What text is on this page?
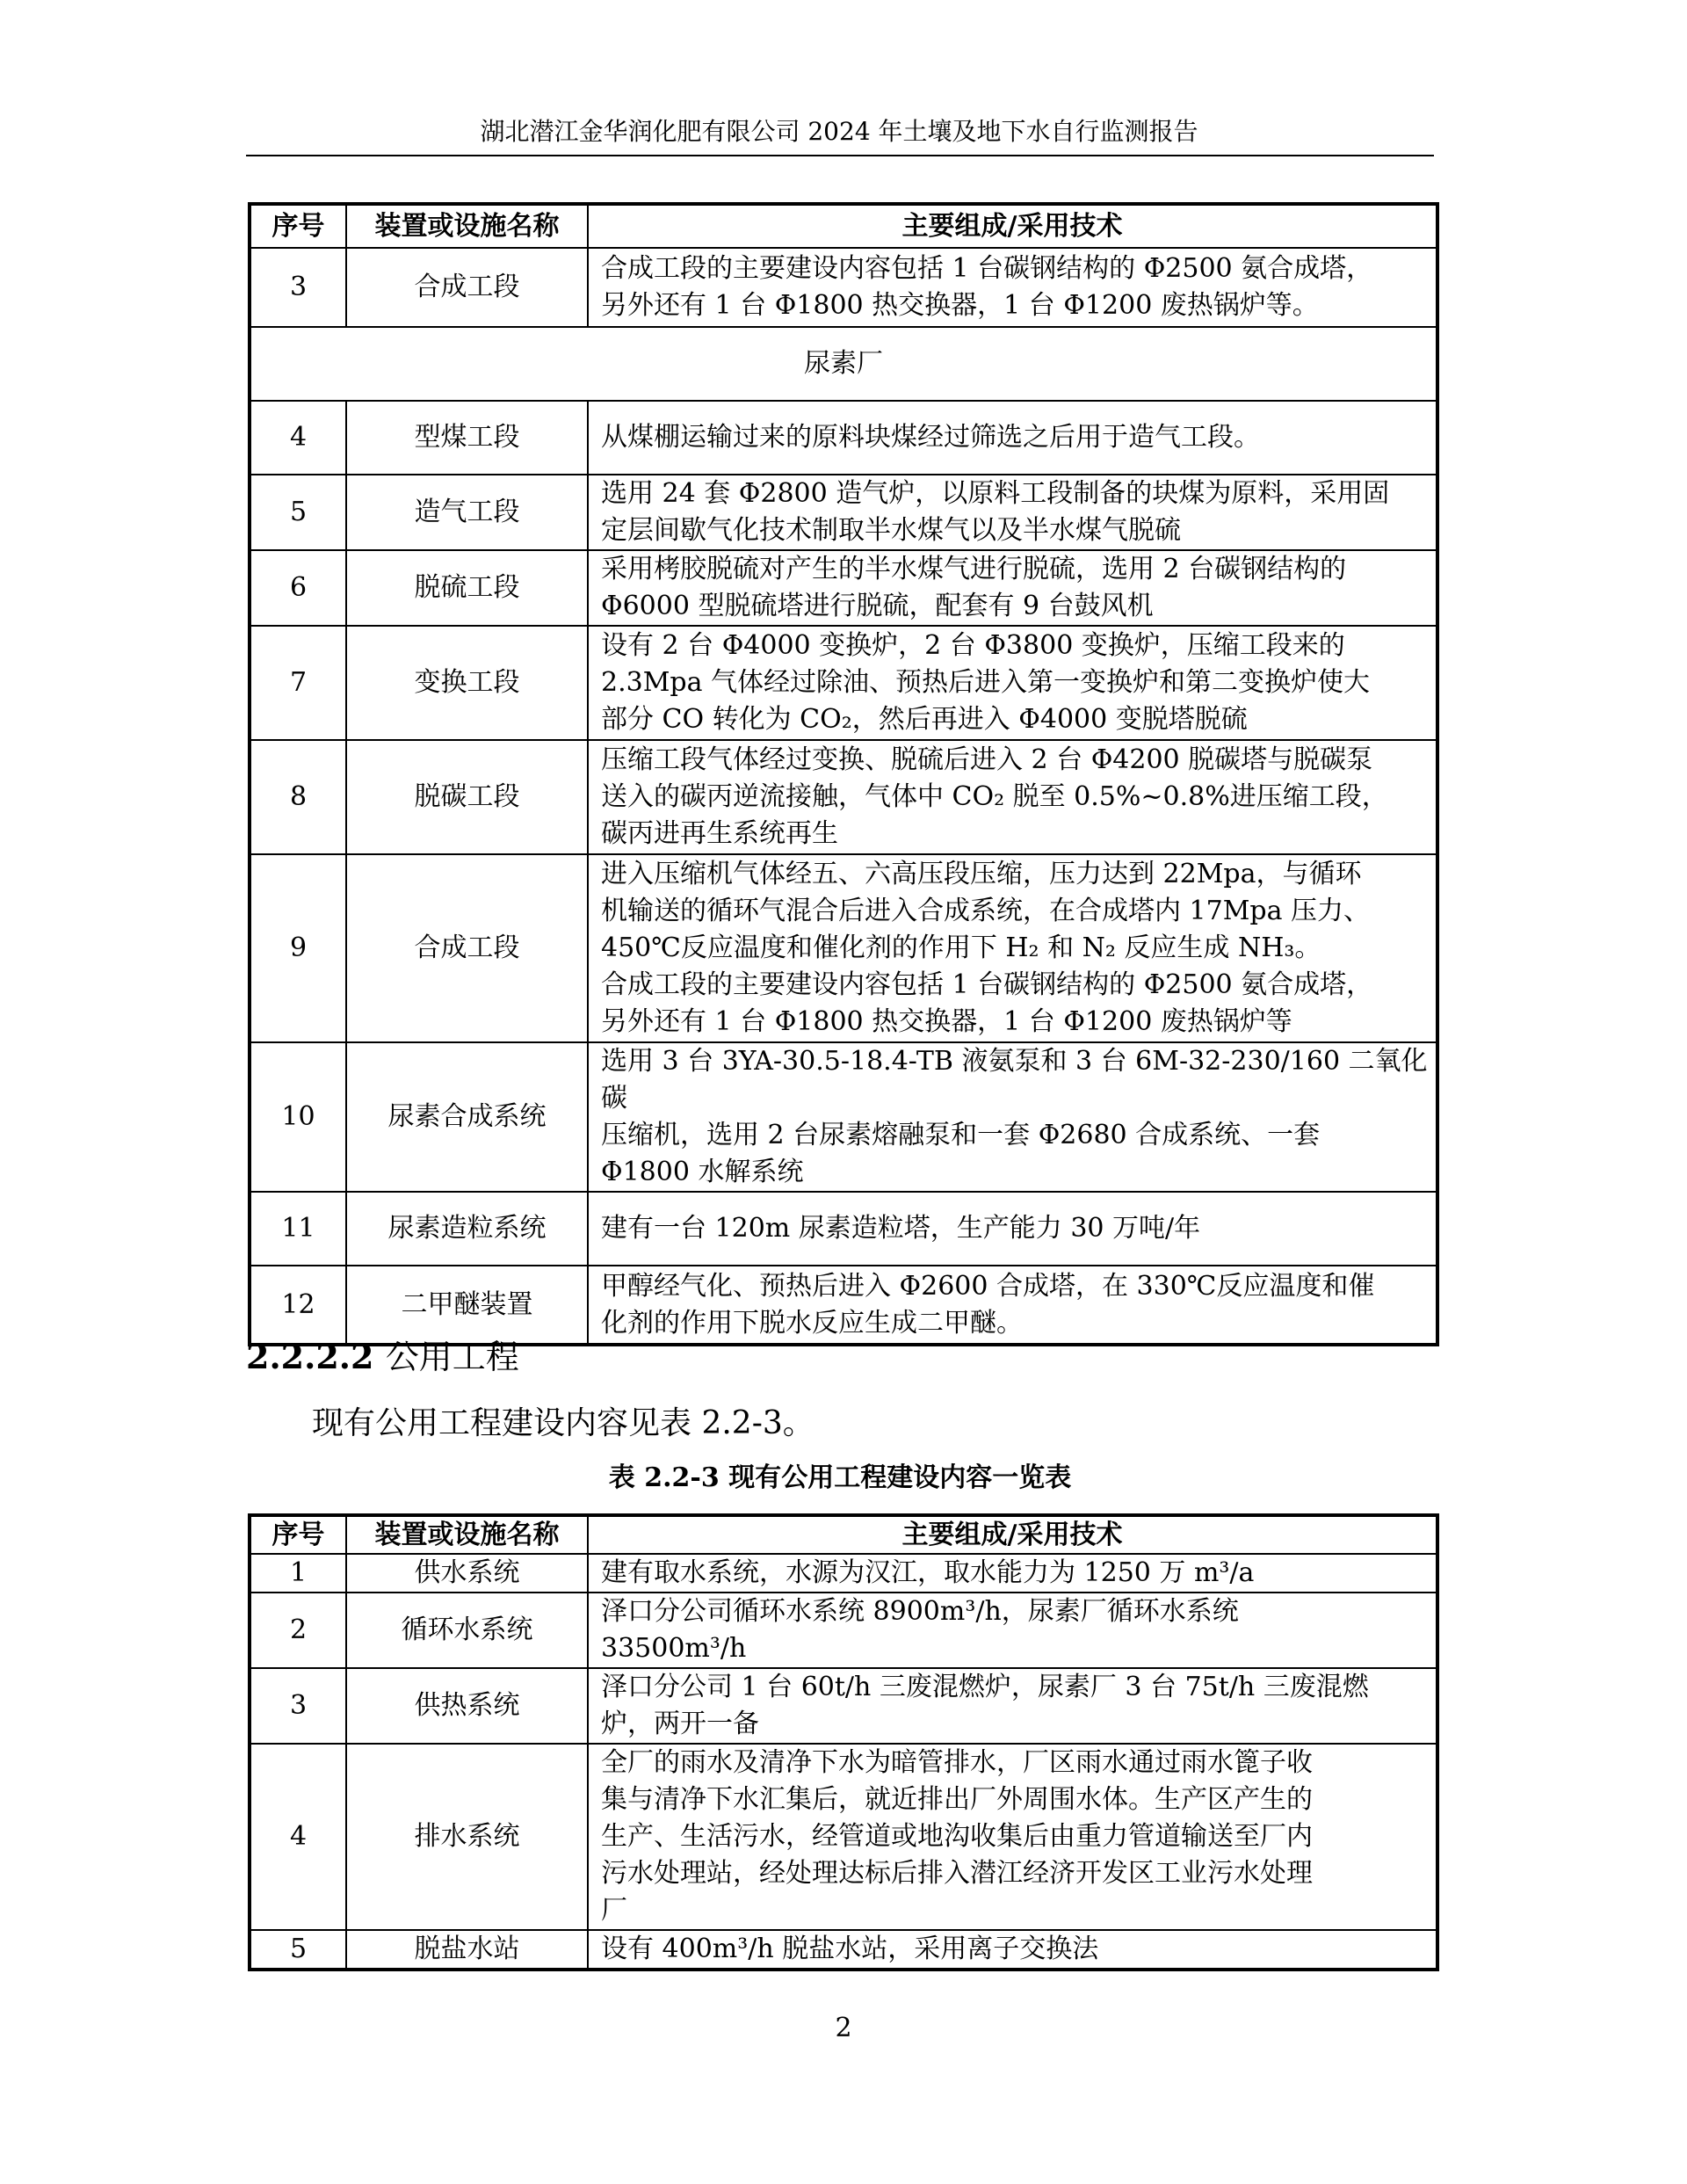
湖北潜江金华润化肥有限公司 2024 年土壤及地下水自行监测报告
序号	装置或设施名称	主要组成/采用技术
3	合成工段	合成工段的主要建设内容包括 1 台碳钢结构的 Φ2500 氨合成塔，
另外还有 1 台 Φ1800 热交换器，1 台 Φ1200 废热锅炉等。

尿素厂		
4	型煤工段	从煤棚运输过来的原料块煤经过筛选之后用于造气工段。

5	造气工段	选用 24 套 Φ2800 造气炉，以原料工段制备的块煤为原料，采用固
定层间歇气化技术制取半水煤气以及半水煤气脱硫

6	脱硫工段	采用栲胶脱硫对产生的半水煤气进行脱硫，选用 2 台碳钢结构的
Φ6000 型脱硫塔进行脱硫，配套有 9 台鼓风机

7	变换工段	设有 2 台 Φ4000 变换炉，2 台 Φ3800 变换炉，压缩工段来的
2.3Mpa 气体经过除油、预热后进入第一变换炉和第二变换炉使大
部分 CO 转化为 CO₂，然后再进入 Φ4000 变脱塔脱硫

8	脱碳工段	压缩工段气体经过变换、脱硫后进入 2 台 Φ4200 脱碳塔与脱碳泵
送入的碳丙逆流接触，气体中 CO₂ 脱至 0.5%~0.8%进压缩工段，
碳丙进再生系统再生

9	合成工段	进入压缩机气体经五、六高压段压缩，压力达到 22Mpa，与循环
机输送的循环气混合后进入合成系统，在合成塔内 17Mpa 压力、
450℃反应温度和催化剂的作用下 H₂ 和 N₂ 反应生成 NH₃。
合成工段的主要建设内容包括 1 台碳钢结构的 Φ2500 氨合成塔，
另外还有 1 台 Φ1800 热交换器，1 台 Φ1200 废热锅炉等

10	尿素合成系统	选用 3 台 3YA-30.5-18.4-TB 液氨泵和 3 台 6M-32-230/160 二氧化碳
压缩机，选用 2 台尿素熔融泵和一套 Φ2680 合成系统、一套
Φ1800 水解系统

11	尿素造粒系统	建有一台 120m 尿素造粒塔，生产能力 30 万吨/年

12	二甲醚装置	甲醇经气化、预热后进入 Φ2600 合成塔，在 330℃反应温度和催
化剂的作用下脱水反应生成二甲醚。
2.2.2.2 公用工程
现有公用工程建设内容见表 2.2-3。
表 2.2-3 现有公用工程建设内容一览表
序号	装置或设施名称	主要组成/采用技术
1	供水系统	建有取水系统，水源为汉江，取水能力为 1250 万 m³/a

2	循环水系统	泽口分公司循环水系统 8900m³/h，尿素厂循环水系统
33500m³/h

3	供热系统	泽口分公司 1 台 60t/h 三废混燃炉，尿素厂 3 台 75t/h 三废混燃
炉，两开一备

4	排水系统	全厂的雨水及清净下水为暗管排水，厂区雨水通过雨水篦子收
集与清净下水汇集后，就近排出厂外周围水体。生产区产生的
生产、生活污水，经管道或地沟收集后由重力管道输送至厂内
污水处理站，经处理达标后排入潜江经济开发区工业污水处理
厂

5	脱盐水站	设有 400m³/h 脱盐水站，采用离子交换法
2
